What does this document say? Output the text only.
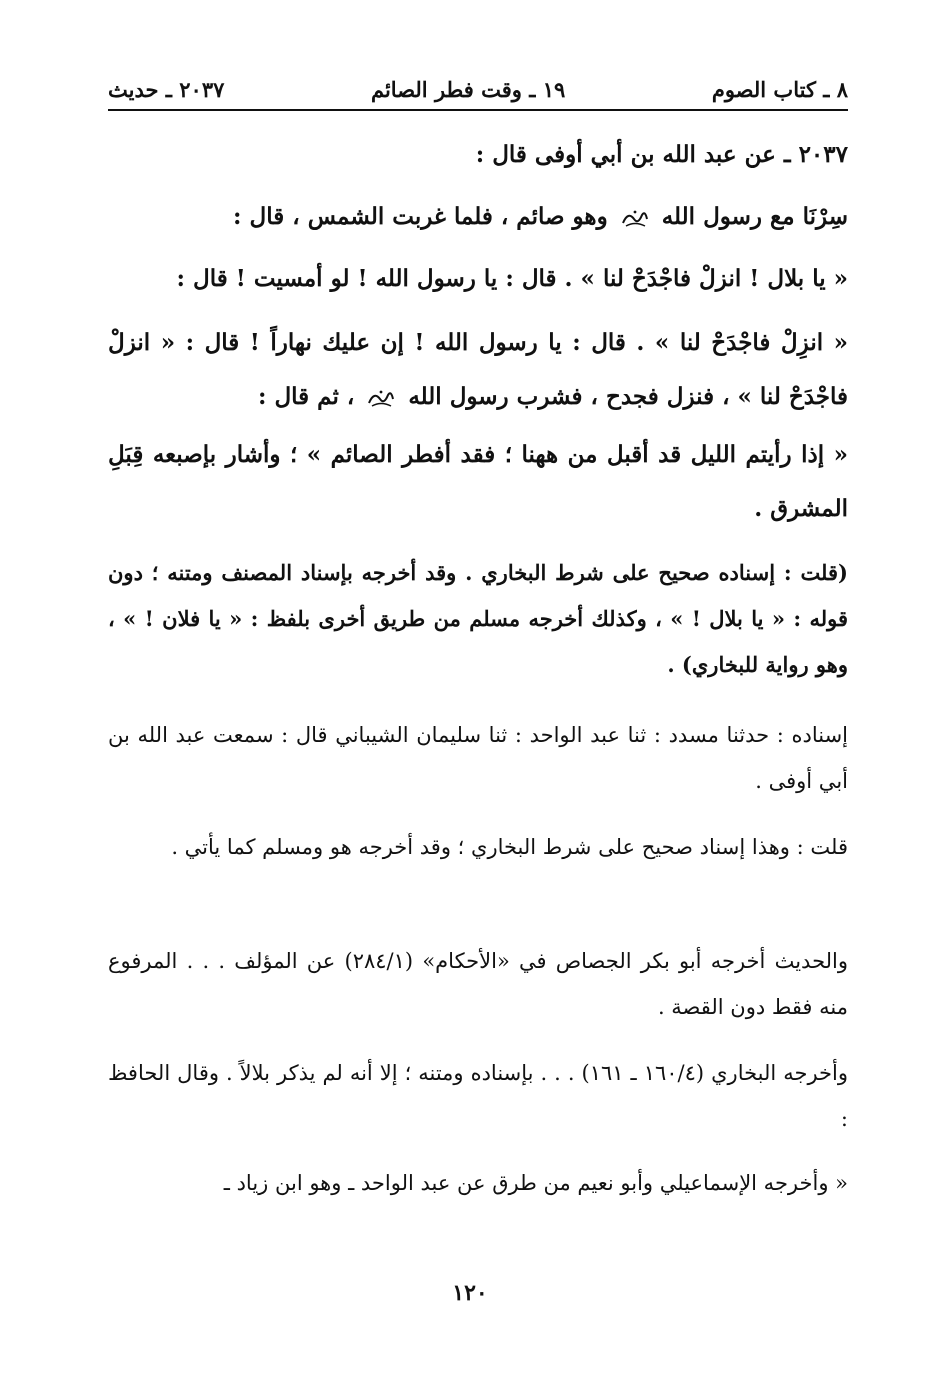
٨ ـ كتاب الصوم
١٩ ـ وقت فطر الصائم
٢٠٣٧ ـ حديث
٢٠٣٧ ـ عن عبد الله بن أبي أوفى قال :
سِرْنَا مع رسول الله  وهو صائم ، فلما غربت الشمس ، قال :
« يا بلال ! انزلْ فاجْدَحْ لنا » . قال : يا رسول الله ! لو أمسيت ! قال :
« انزِلْ فاجْدَحْ لنا » . قال : يا رسول الله ! إن عليك نهاراً ! قال : « انزلْ فاجْدَحْ لنا » ، فنزل فجدح ، فشرب رسول الله  ، ثم قال :
« إذا رأيتم الليل قد أقبل من ههنا ؛ فقد أفطر الصائم » ؛ وأشار بإصبعه قِبَلِ المشرق .
(قلت : إسناده صحيح على شرط البخاري . وقد أخرجه بإسناد المصنف ومتنه ؛ دون قوله : « يا بلال ! » ، وكذلك أخرجه مسلم من طريق أخرى بلفظ : « يا فلان ! » ، وهو رواية للبخاري) .
إسناده : حدثنا مسدد : ثنا عبد الواحد : ثنا سليمان الشيباني قال : سمعت عبد الله بن أبي أوفى .
قلت : وهذا إسناد صحيح على شرط البخاري ؛ وقد أخرجه هو ومسلم كما يأتي .
والحديث أخرجه أبو بكر الجصاص في «الأحكام» (٢٨٤/١) عن المؤلف . . . المرفوع منه فقط دون القصة .
وأخرجه البخاري (١٦٠/٤ ـ ١٦١) . . . بإسناده ومتنه ؛ إلا أنه لم يذكر بلالاً . وقال الحافظ :
« وأخرجه الإسماعيلي وأبو نعيم من طرق عن عبد الواحد ـ وهو ابن زياد ـ
١٢٠
